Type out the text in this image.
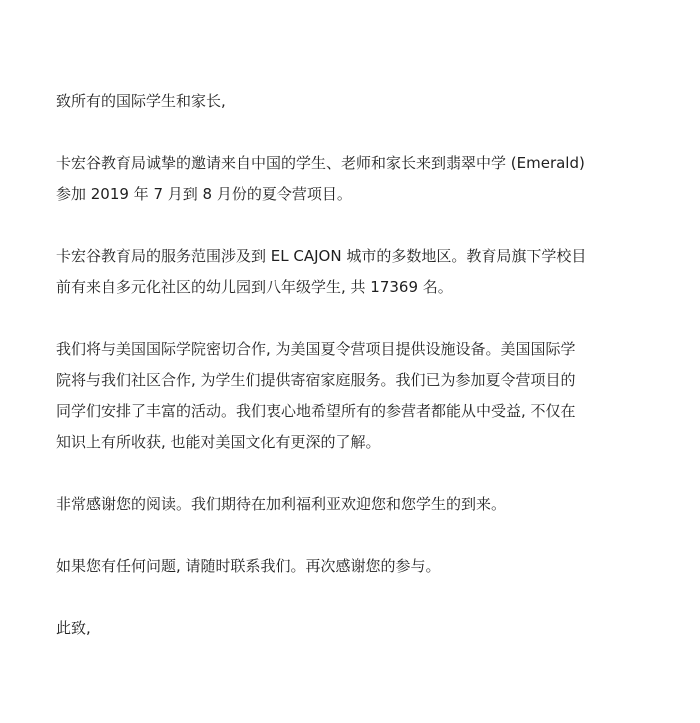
致所有的国际学生和家长,

卡宏谷教育局诚挚的邀请来自中国的学生、老师和家长来到翡翠中学 (Emerald)
参加 2019 年 7 月到 8 月份的夏令营项目。

卡宏谷教育局的服务范围涉及到 EL CAJON 城市的多数地区。教育局旗下学校目
前有来自多元化社区的幼儿园到八年级学生, 共 17369 名。

我们将与美国国际学院密切合作, 为美国夏令营项目提供设施设备。美国国际学
院将与我们社区合作, 为学生们提供寄宿家庭服务。我们已为参加夏令营项目的
同学们安排了丰富的活动。我们衷心地希望所有的参营者都能从中受益, 不仅在
知识上有所收获, 也能对美国文化有更深的了解。

非常感谢您的阅读。我们期待在加利福利亚欢迎您和您学生的到来。

如果您有任何问题, 请随时联系我们。再次感谢您的参与。

此致,
